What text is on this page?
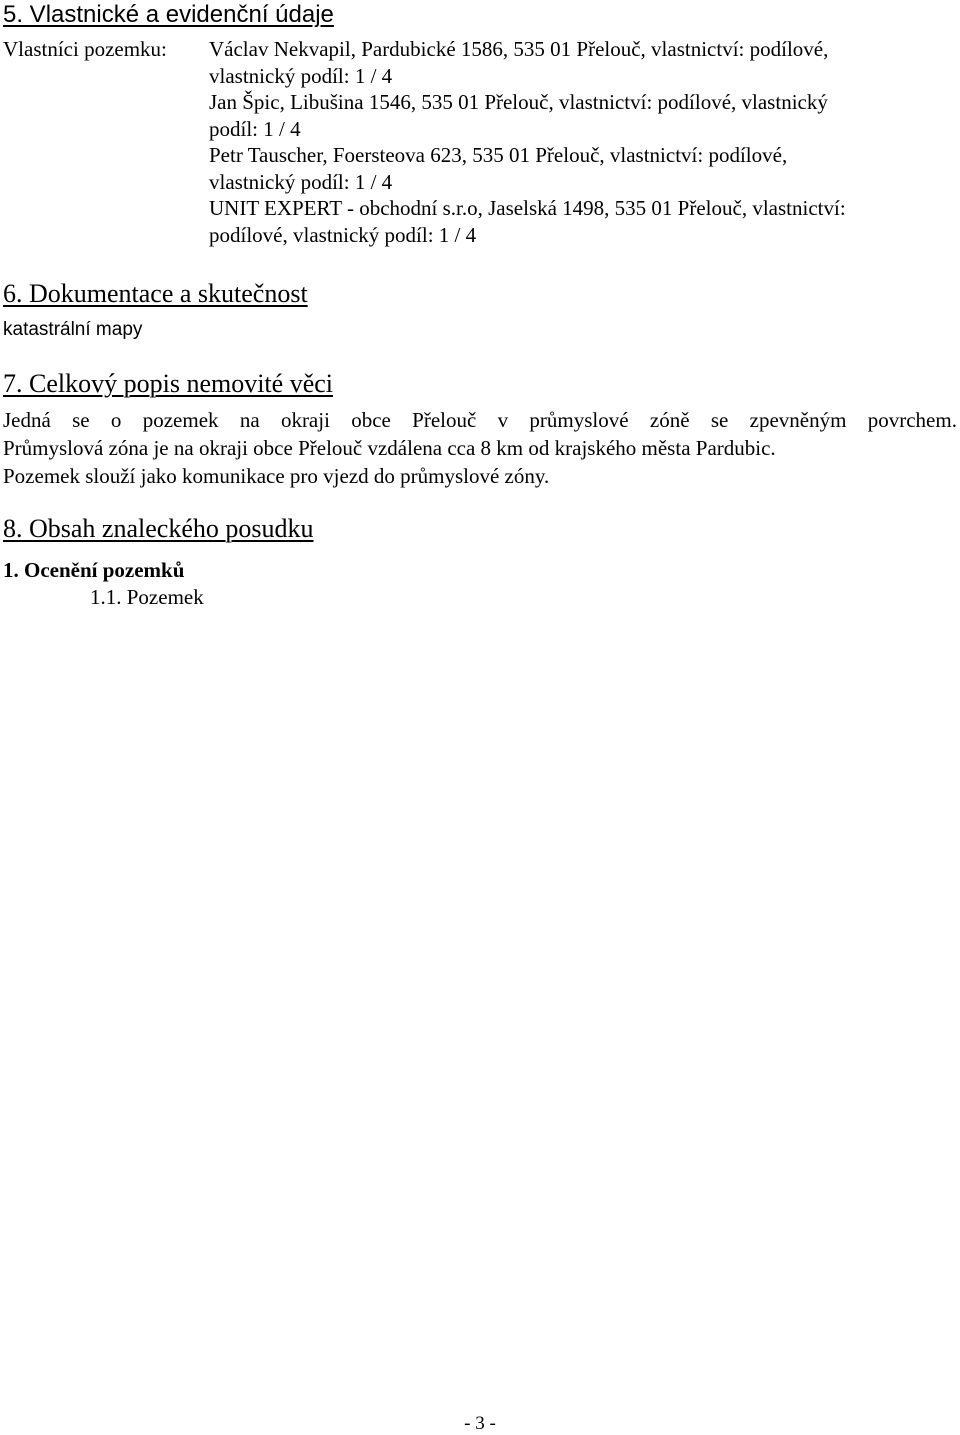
5. Vlastnické a evidenční údaje
Vlastníci pozemku: Václav Nekvapil, Pardubické 1586, 535 01 Přelouč, vlastnictví: podílové,
vlastnický podíl: 1 / 4
Jan Špic, Libušina 1546, 535 01 Přelouč, vlastnictví: podílové, vlastnický
podíl: 1 / 4
Petr Tauscher, Foersteova 623, 535 01 Přelouč, vlastnictví: podílové,
vlastnický podíl: 1 / 4
UNIT EXPERT - obchodní s.r.o, Jaselská 1498, 535 01 Přelouč, vlastnictví:
podílové, vlastnický podíl: 1 / 4
6. Dokumentace a skutečnost
katastrální mapy
7. Celkový popis nemovité věci
Jedná se o pozemek na okraji obce Přelouč v průmyslové zóně se zpevněným povrchem.
Průmyslová zóna je na okraji obce Přelouč vzdálena cca 8 km od krajského města Pardubic.
Pozemek slouží jako komunikace pro vjezd do průmyslové zóny.
8. Obsah znaleckého posudku
1. Ocenění pozemků
1.1. Pozemek
- 3 -
